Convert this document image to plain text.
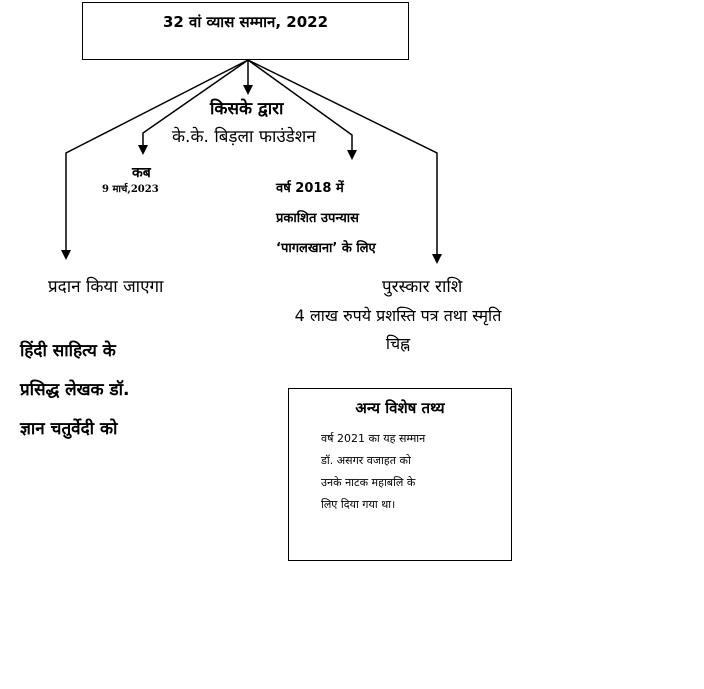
32 वां व्यास सम्मान, 2022
किसके द्वारा
के.के. बिड़ला फाउंडेशन
कब
9 मार्च,2023	वर्ष 2018 में
प्रकाशित उपन्यास
‘पागलखाना’ के लिए
प्रदान किया जाएगा
हिंदी साहित्य के
प्रसिद्ध लेखक डॉ.
ज्ञान चतुर्वेदी को
पुरस्कार राशि
4 लाख रुपये प्रशस्ति पत्र तथा स्मृति चिह्न
अन्य विशेष तथ्य
वर्ष 2021 का यह सम्मान
डॉ. असगर वजाहत को
उनके नाटक महाबलि के
लिए दिया गया था।
